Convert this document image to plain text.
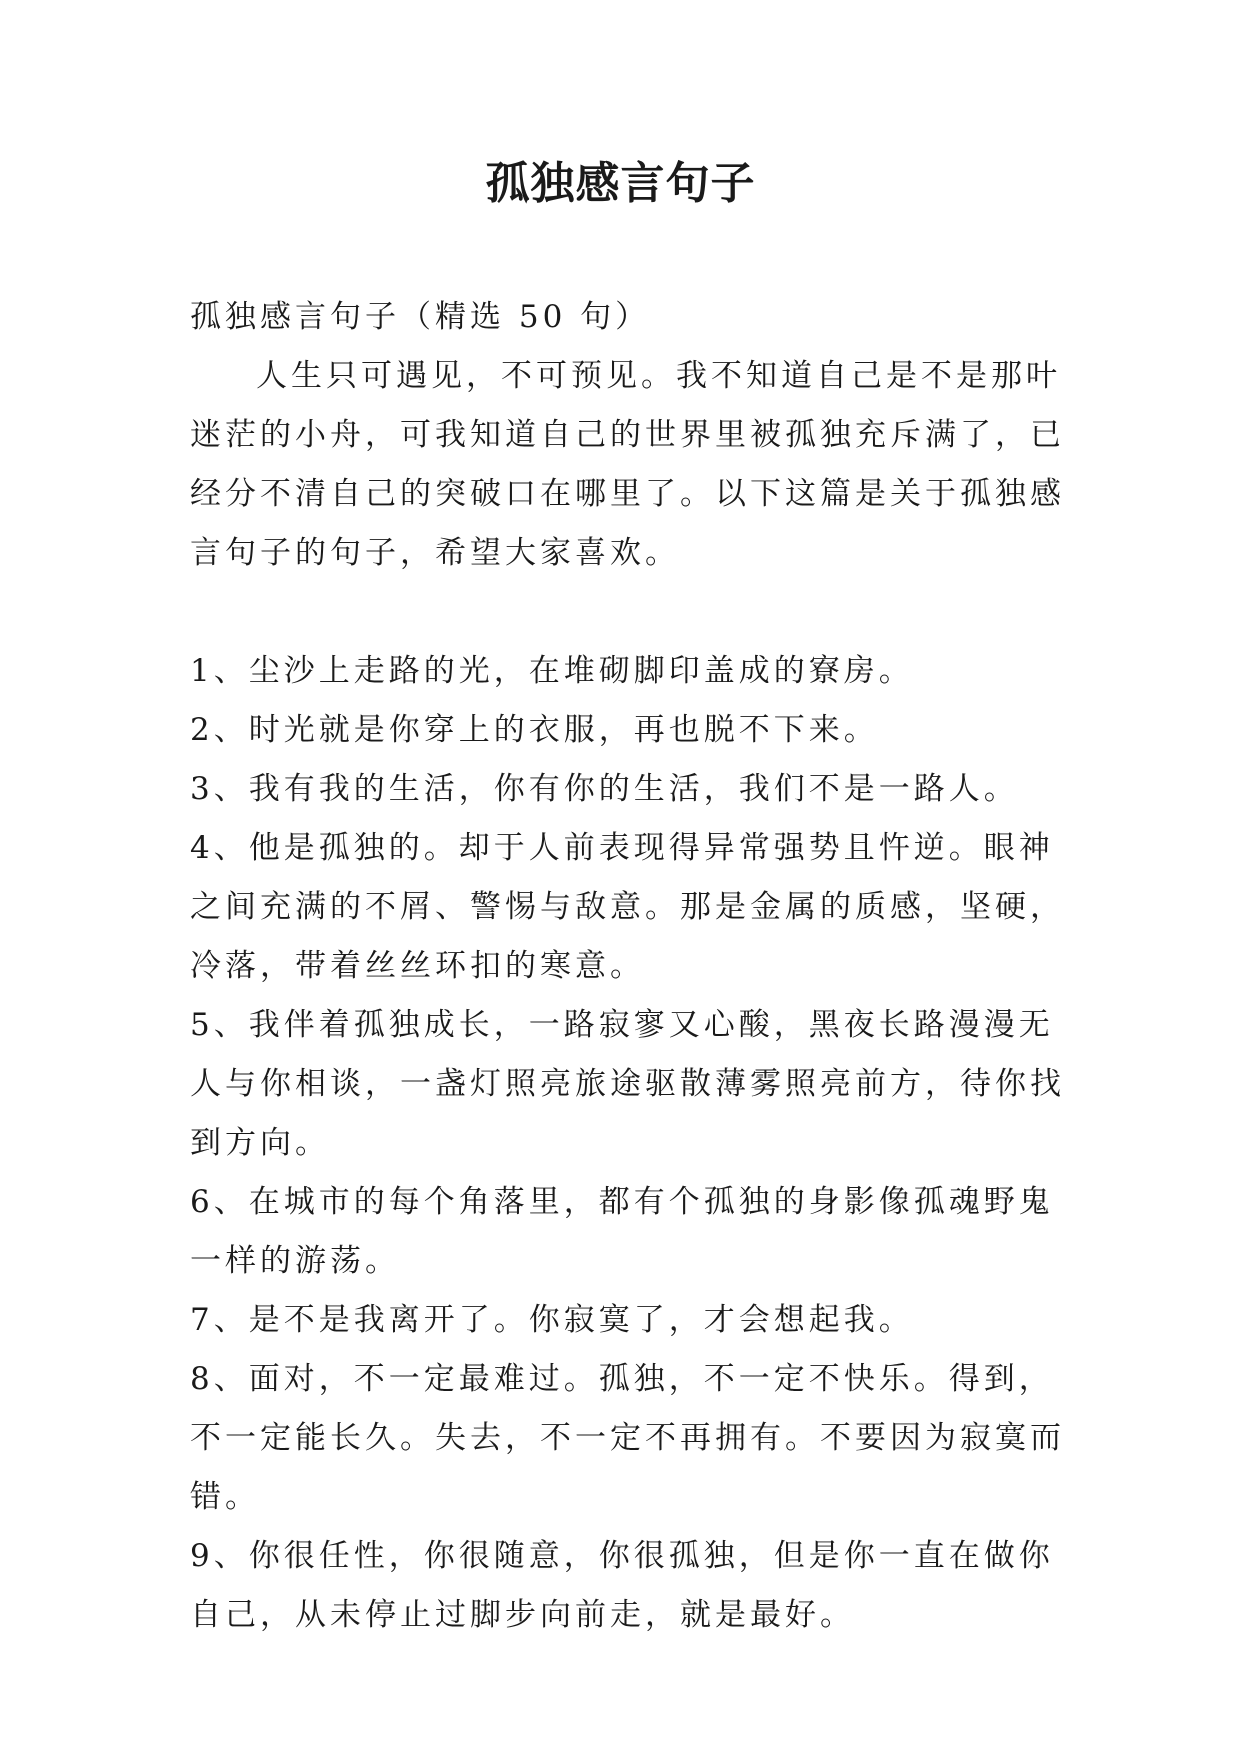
孤独感言句子

孤独感言句子（精选 50 句）

人生只可遇见，不可预见。我不知道自己是不是那叶迷茫的小舟，可我知道自己的世界里被孤独充斥满了，已经分不清自己的突破口在哪里了。以下这篇是关于孤独感言句子的句子，希望大家喜欢。

1、尘沙上走路的光，在堆砌脚印盖成的寮房。

2、时光就是你穿上的衣服，再也脱不下来。

3、我有我的生活，你有你的生活，我们不是一路人。

4、他是孤独的。却于人前表现得异常强势且忤逆。眼神之间充满的不屑、警惕与敌意。那是金属的质感，坚硬，冷落，带着丝丝环扣的寒意。

5、我伴着孤独成长，一路寂寥又心酸，黑夜长路漫漫无人与你相谈，一盏灯照亮旅途驱散薄雾照亮前方，待你找到方向。

6、在城市的每个角落里，都有个孤独的身影像孤魂野鬼一样的游荡。

7、是不是我离开了。你寂寞了，才会想起我。

8、面对，不一定最难过。孤独，不一定不快乐。得到，不一定能长久。失去，不一定不再拥有。不要因为寂寞而错。

9、你很任性，你很随意，你很孤独，但是你一直在做你自己，从未停止过脚步向前走，就是最好。
